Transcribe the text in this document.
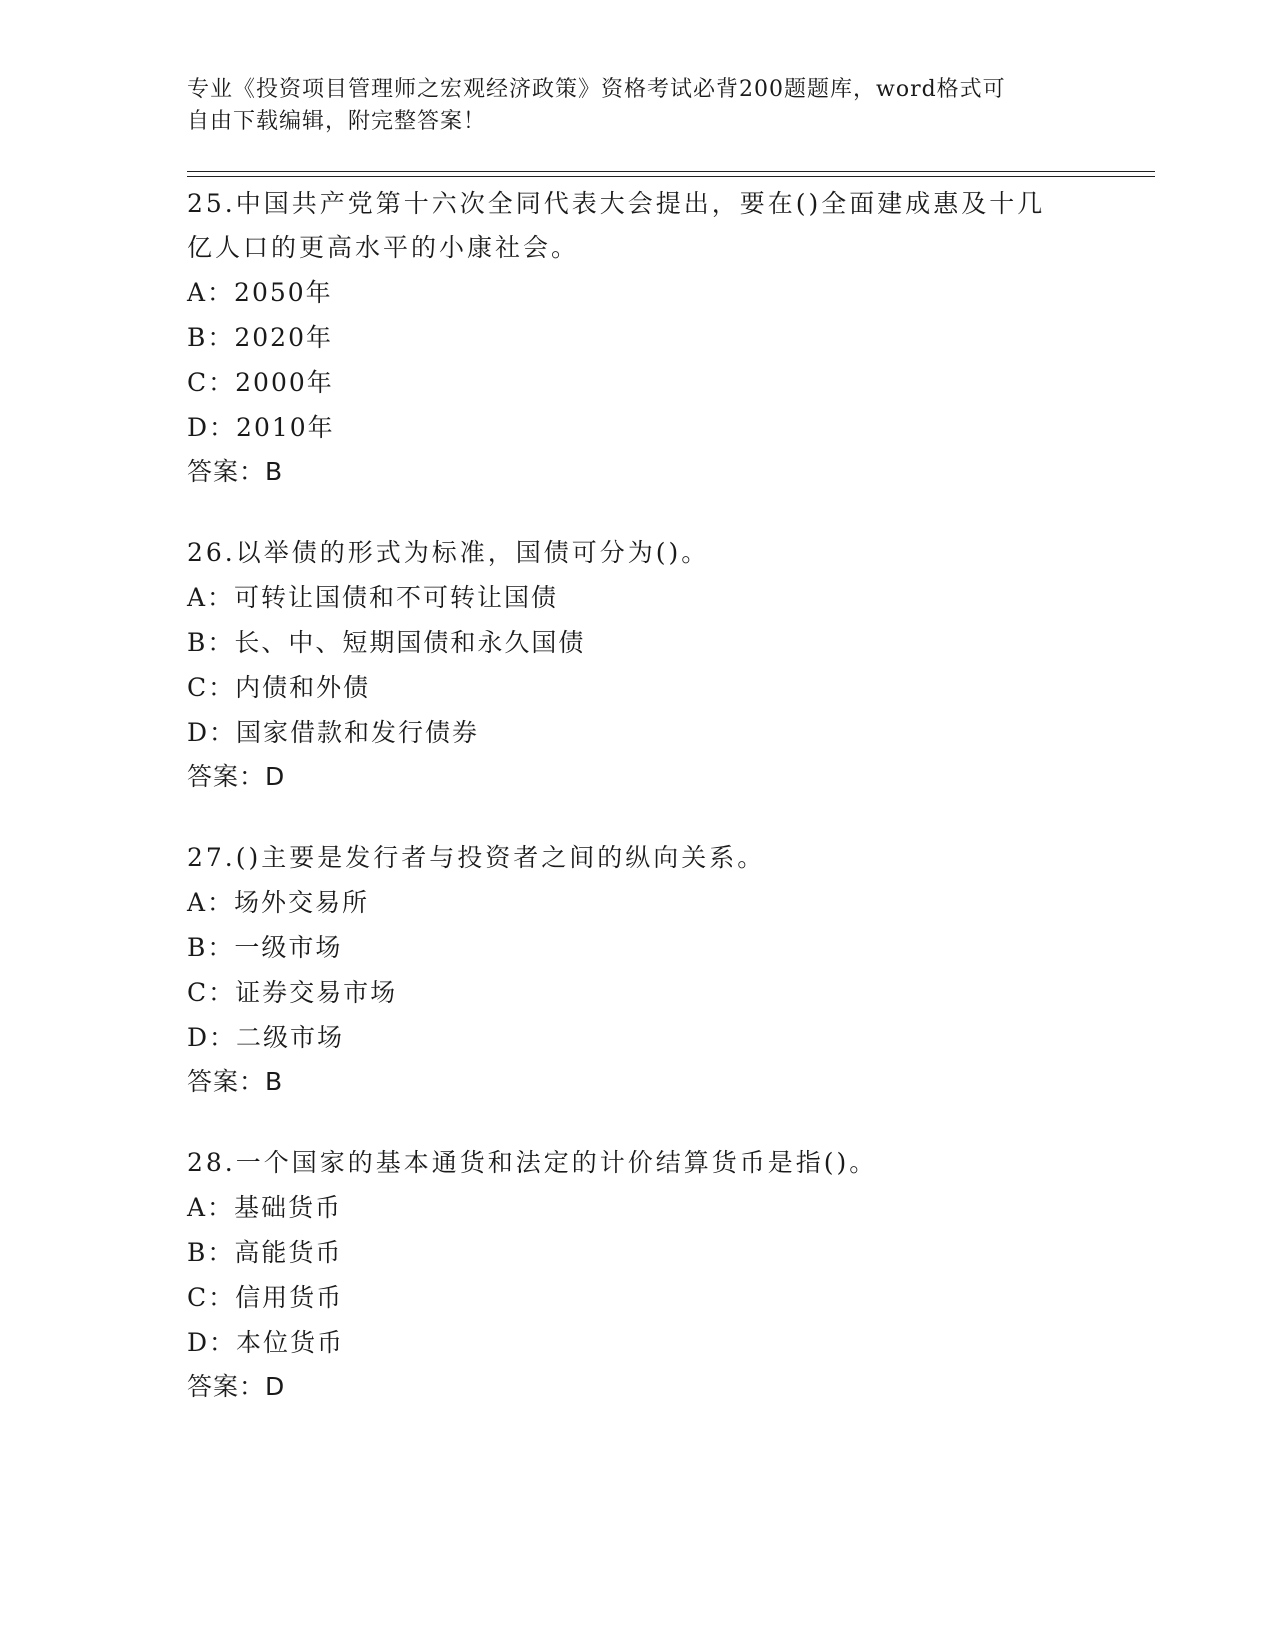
专业《投资项目管理师之宏观经济政策》资格考试必背200题题库，word格式可
自由下载编辑，附完整答案！

25.中国共产党第十六次全同代表大会提出，要在()全面建成惠及十几

亿人口的更高水平的小康社会。

A：2050年

B：2020年

C：2000年

D：2010年

答案：B

26.以举债的形式为标准，国债可分为()。

A：可转让国债和不可转让国债

B：长、中、短期国债和永久国债

C：内债和外债

D：国家借款和发行债券

答案：D

27.()主要是发行者与投资者之间的纵向关系。

A：场外交易所

B：一级市场

C：证券交易市场

D：二级市场

答案：B

28.一个国家的基本通货和法定的计价结算货币是指()。

A：基础货币

B：高能货币

C：信用货币

D：本位货币

答案：D
